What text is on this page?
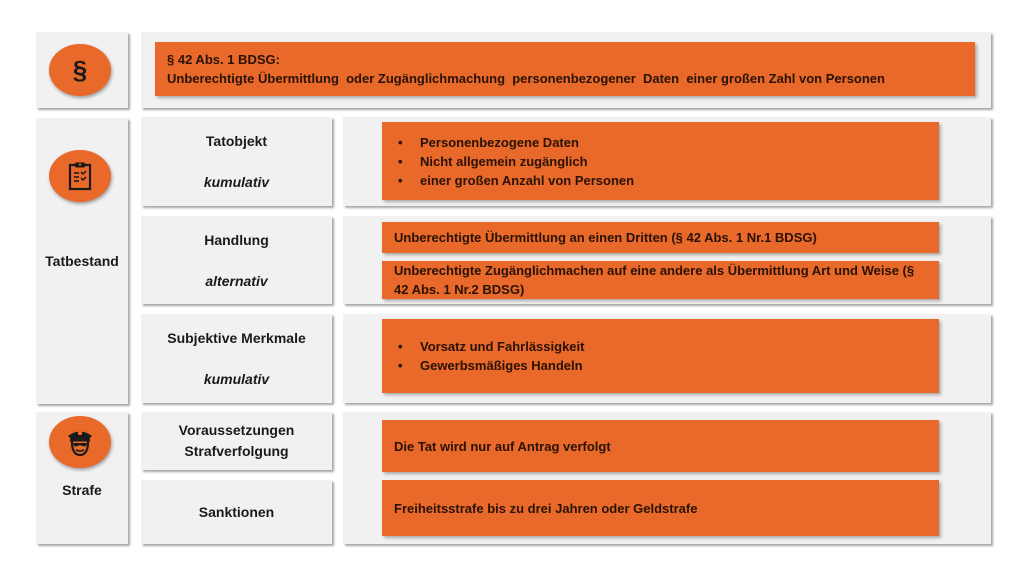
§	§ 42 Abs. 1 BDSG:
Unberechtigte Übermittlung  oder Zugänglichmachung  personenbezogener  Daten  einer großen Zahl von Personen
Tatbestand
Tatobjekt
kumulativ
• Personenbezogene Daten
• Nicht allgemein zugänglich
• einer großen Anzahl von Personen
Handlung
alternativ
Unberechtigte Übermittlung an einen Dritten (§ 42 Abs. 1 Nr.1 BDSG)
Unberechtigte Zugänglichmachen auf eine andere als Übermittlung Art und Weise (§ 42 Abs. 1 Nr.2 BDSG)
Subjektive Merkmale
kumulativ
• Vorsatz und Fahrlässigkeit
• Gewerbsmäßiges Handeln
Strafe
Voraussetzungen
Strafverfolgung
Sanktionen
Die Tat wird nur auf Antrag verfolgt
Freiheitsstrafe bis zu drei Jahren oder Geldstrafe
